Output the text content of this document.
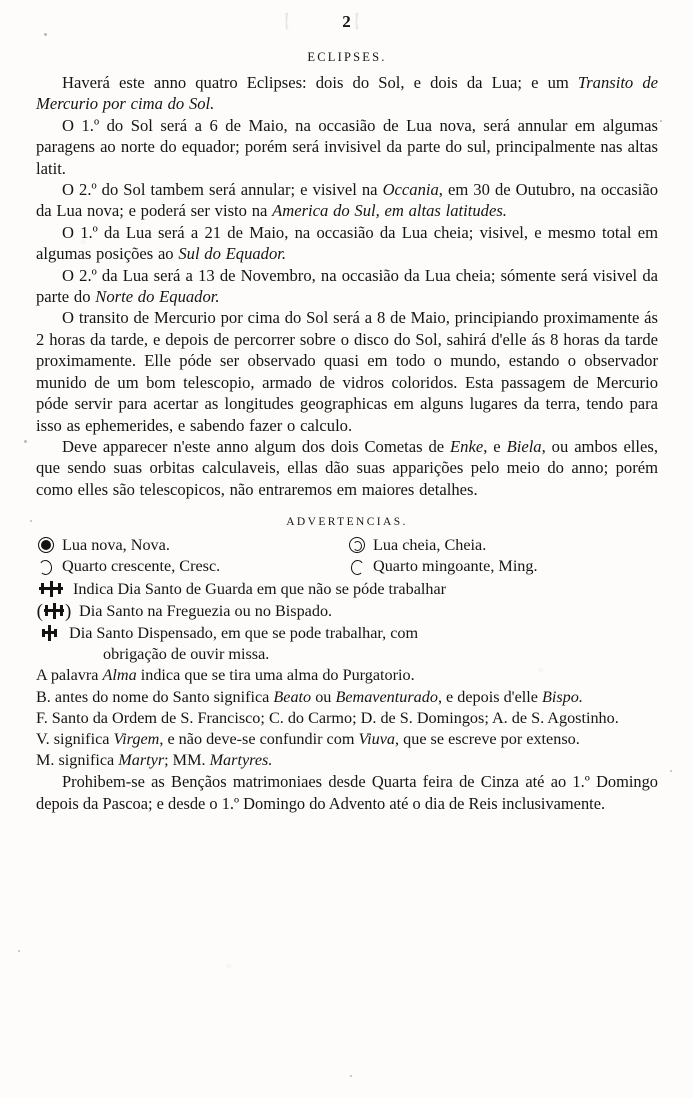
2
ECLIPSES.

Haverá este anno quatro Eclipses: dois do Sol, e dois da Lua; e um Transito de Mercurio por cima do Sol.

O 1.º do Sol será a 6 de Maio, na occasião de Lua nova, será annular em algumas paragens ao norte do equador; porém será invisivel da parte do sul, principalmente nas altas latit.

O 2.º do Sol tambem será annular; e visivel na Occania, em 30 de Outubro, na occasião da Lua nova; e poderá ser visto na America do Sul, em altas latitudes.

O 1.º da Lua será a 21 de Maio, na occasião da Lua cheia; visivel, e mesmo total em algumas posições ao Sul do Equador.

O 2.º da Lua será a 13 de Novembro, na occasião da Lua cheia; sómente será visivel da parte do Norte do Equador.

O transito de Mercurio por cima do Sol será a 8 de Maio, principiando proximamente ás 2 horas da tarde, e depois de percorrer sobre o disco do Sol, sahirá d'elle ás 8 horas da tarde proximamente. Elle póde ser observado quasi em todo o mundo, estando o observador munido de um bom telescopio, armado de vidros coloridos. Esta passagem de Mercurio póde servir para acertar as longitudes geographicas em alguns lugares da terra, tendo para isso as ephemerides, e sabendo fazer o calculo.

Deve apparecer n'este anno algum dos dois Cometas de Enke, e Biela, ou ambos elles, que sendo suas orbitas calculaveis, ellas dão suas apparições pelo meio do anno; porém como elles são telescopicos, não entraremos em maiores detalhes.

ADVERTENCIAS.
Lua nova, Nova.	Lua cheia, Cheia.
Quarto crescente, Cresc.	Quarto mingoante, Ming.
Indica Dia Santo de Guarda em que não se póde trabalhar
( ) Dia Santo na Freguezia ou no Bispado.
Dia Santo Dispensado, em que se pode trabalhar, com
obrigação de ouvir missa.

A palavra Alma indica que se tira uma alma do Purgatorio.

B. antes do nome do Santo significa Beato ou Bemaventurado, e depois d'elle Bispo.

F. Santo da Ordem de S. Francisco; C. do Carmo; D. de S. Domingos; A. de S. Agostinho.

V. significa Virgem, e não deve-se confundir com Viuva, que se escreve por extenso.

M. significa Martyr; MM. Martyres.

Prohibem-se as Bençãos matrimoniaes desde Quarta feira de Cinza até ao 1.º Domingo depois da Pascoa; e desde o 1.º Domingo do Advento até o dia de Reis inclusivamente.
